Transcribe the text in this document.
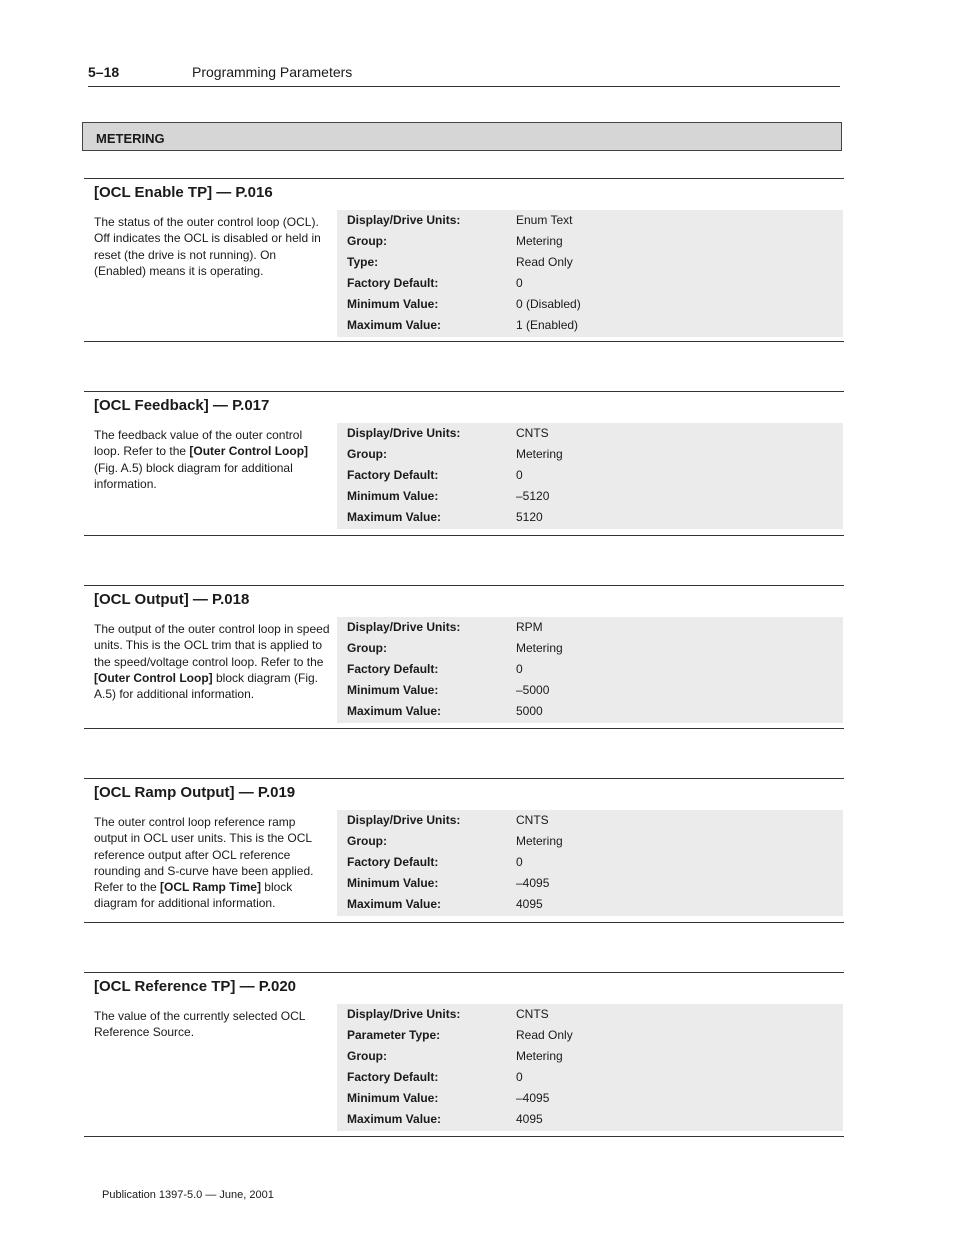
5–18	Programming Parameters
METERING
[OCL Enable TP] — P.016
The status of the outer control loop (OCL). Off indicates the OCL is disabled or held in reset (the drive is not running). On (Enabled) means it is operating.
Display/Drive Units:	Enum Text
Group:	Metering
Type:	Read Only
Factory Default:	0
Minimum Value:	0 (Disabled)
Maximum Value:	1 (Enabled)
[OCL Feedback] — P.017
The feedback value of the outer control loop. Refer to the [Outer Control Loop] (Fig. A.5) block diagram for additional information.
Display/Drive Units:	CNTS
Group:	Metering
Factory Default:	0
Minimum Value:	–5120
Maximum Value:	5120
[OCL Output] — P.018
The output of the outer control loop in speed units. This is the OCL trim that is applied to the speed/voltage control loop. Refer to the [Outer Control Loop] block diagram (Fig. A.5) for additional information.
Display/Drive Units:	RPM
Group:	Metering
Factory Default:	0
Minimum Value:	–5000
Maximum Value:	5000
[OCL Ramp Output] — P.019
The outer control loop reference ramp output in OCL user units. This is the OCL reference output after OCL reference rounding and S-curve have been applied. Refer to the [OCL Ramp Time] block diagram for additional information.
Display/Drive Units:	CNTS
Group:	Metering
Factory Default:	0
Minimum Value:	–4095
Maximum Value:	4095
[OCL Reference TP] — P.020
The value of the currently selected OCL Reference Source.
Display/Drive Units:	CNTS
Parameter Type:	Read Only
Group:	Metering
Factory Default:	0
Minimum Value:	–4095
Maximum Value:	4095
Publication 1397-5.0 — June, 2001
